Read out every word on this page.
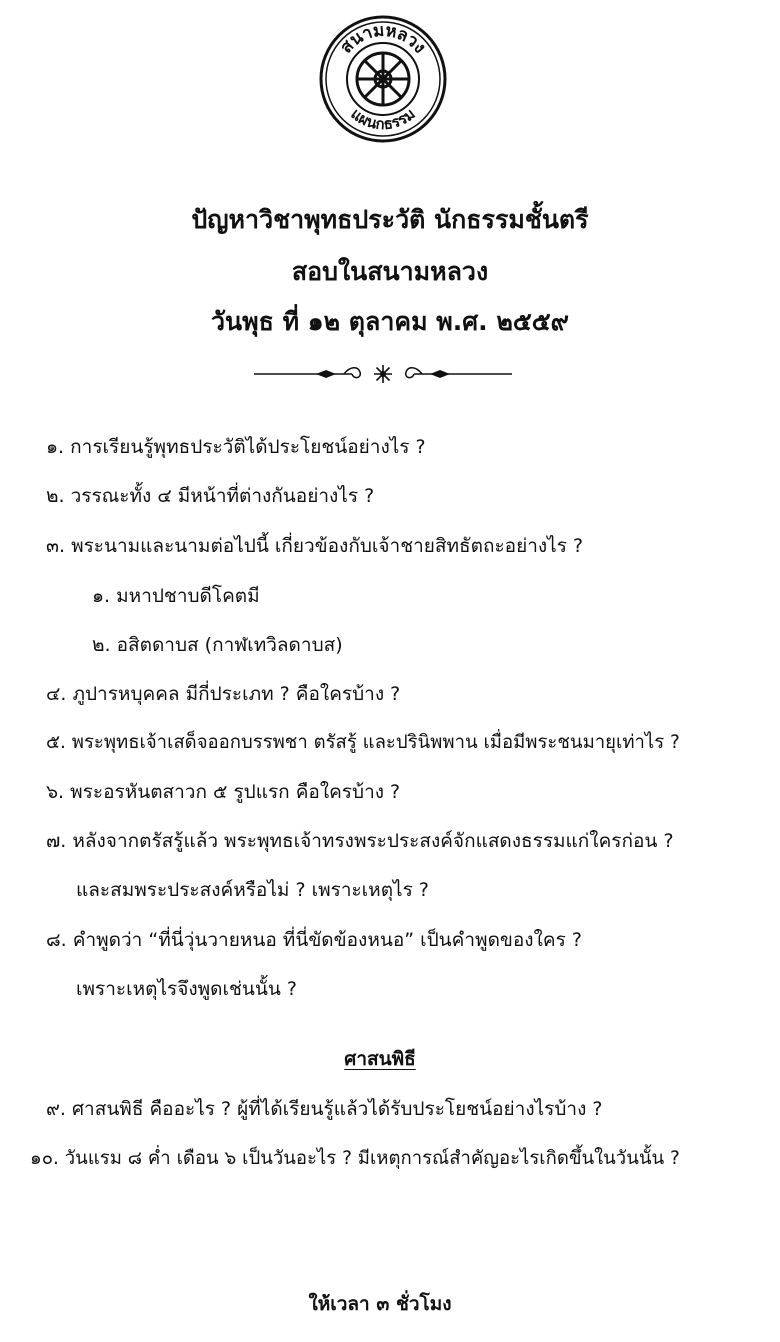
สนามหลวง
แผนกธรรม
ปัญหาวิชาพุทธประวัติ นักธรรมชั้นตรี
สอบในสนามหลวง
วันพุธ ที่ ๑๒ ตุลาคม พ.ศ. ๒๕๕๙
๑. การเรียนรู้พุทธประวัติได้ประโยชน์อย่างไร ?
๒. วรรณะทั้ง ๔ มีหน้าที่ต่างกันอย่างไร ?
๓. พระนามและนามต่อไปนี้ เกี่ยวข้องกับเจ้าชายสิทธัตถะอย่างไร ?
๑. มหาปชาบดีโคตมี
๒. อสิตดาบส (กาฬเทวิลดาบส)
๔. ภูปารหบุคคล มีกี่ประเภท ? คือใครบ้าง ?
๕. พระพุทธเจ้าเสด็จออกบรรพชา ตรัสรู้ และปรินิพพาน เมื่อมีพระชนมายุเท่าไร ?
๖. พระอรหันตสาวก ๕ รูปแรก คือใครบ้าง ?
๗. หลังจากตรัสรู้แล้ว พระพุทธเจ้าทรงพระประสงค์จักแสดงธรรมแก่ใครก่อน ?
และสมพระประสงค์หรือไม่ ? เพราะเหตุไร ?
๘. คำพูดว่า “ที่นี่วุ่นวายหนอ ที่นี่ขัดข้องหนอ” เป็นคำพูดของใคร ?
เพราะเหตุไรจึงพูดเช่นนั้น ?
ศาสนพิธี
๙. ศาสนพิธี คืออะไร ? ผู้ที่ได้เรียนรู้แล้วได้รับประโยชน์อย่างไรบ้าง ?
๑๐. วันแรม ๘ ค่ำ เดือน ๖ เป็นวันอะไร ? มีเหตุการณ์สำคัญอะไรเกิดขึ้นในวันนั้น ?
ให้เวลา ๓ ชั่วโมง
